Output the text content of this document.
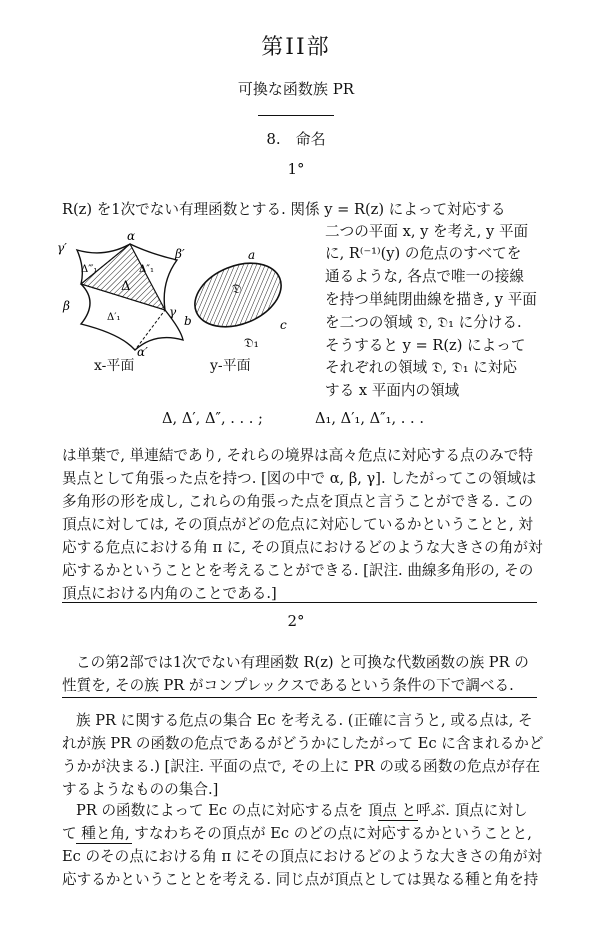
第II部
可換な函数族 PR
8.　命名
1°
R(z) を1次でない有理函数とする. 関係 y = R(z) によって対応する
二つの平面 x, y を考え, y 平面
に, R⁽⁻¹⁾(y) の危点のすべてを
通るような, 各点で唯一の接線
を持つ単純閉曲線を描き, y 平面
を二つの領域 𝔇, 𝔇₁ に分ける.
そうすると y = R(z) によって
それぞれの領域 𝔇, 𝔇₁ に対応
する x 平面内の領域
α
γ′	β′
β	γ
α′
Δ
Δ‴₁	Δ″₁
Δ′₁
x-平面
a
b	c
𝔇
𝔇₁
y-平面
Δ, Δ′, Δ″, . . . ;	Δ₁, Δ′₁, Δ″₁, . . .
は単葉で, 単連結であり, それらの境界は高々危点に対応する点のみで特
異点として角張った点を持つ. [図の中で α, β, γ]. したがってこの領域は
多角形の形を成し, これらの角張った点を頂点と言うことができる. この
頂点に対しては, その頂点がどの危点に対応しているかということと, 対
応する危点における角 π に, その頂点におけるどのような大きさの角が対
応するかということとを考えることができる. [訳注. 曲線多角形の, その
頂点における内角のことである.]
2°
この第2部では1次でない有理函数 R(z) と可換な代数函数の族 PR の
性質を, その族 PR がコンプレックスであるという条件の下で調べる.
族 PR に関する危点の集合 Ec を考える. (正確に言うと, 或る点は, そ
れが族 PR の函数の危点であるがどうかにしたがって Ec に含まれるかど
うかが決まる.) [訳注. 平面の点で, その上に PR の或る函数の危点が存在
するようなものの集合.]
PR の函数によって Ec の点に対応する点を 頂点 と呼ぶ. 頂点に対し
て 種と角, すなわちその頂点が Ec のどの点に対応するかということと,
Ec のその点における角 π にその頂点におけるどのような大きさの角が対
応するかということとを考える. 同じ点が頂点としては異なる種と角を持
